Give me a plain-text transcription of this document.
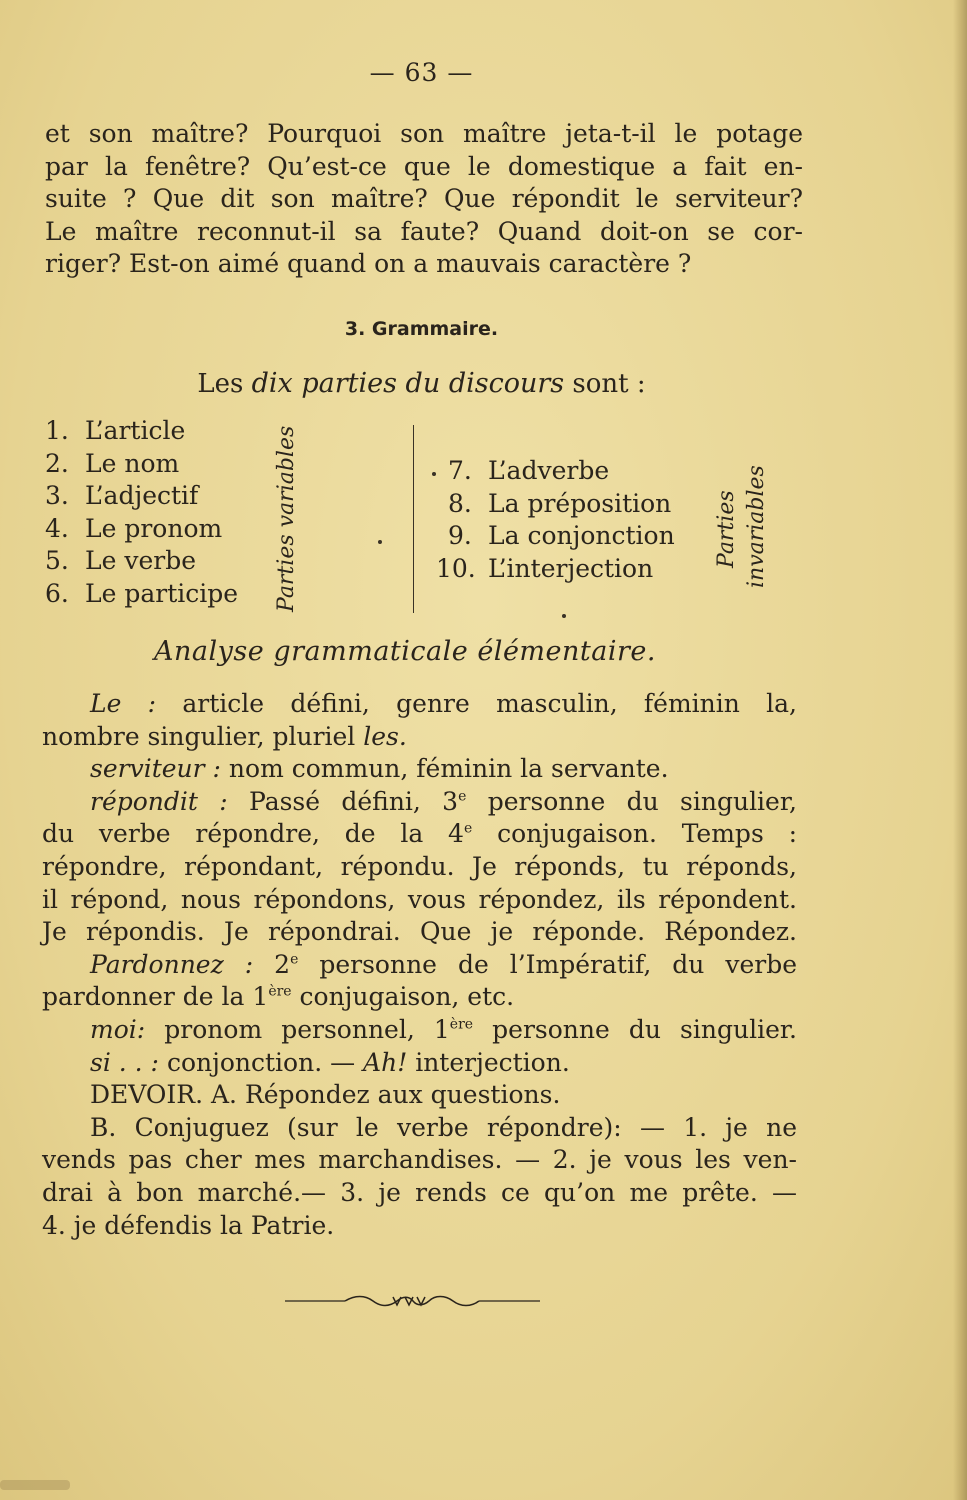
— 63 —
et son maître? Pourquoi son maître jeta-t-il le potage
par la fenêtre? Qu’est-ce que le domestique a fait en-
suite ? Que dit son maître? Que répondit le serviteur?
Le maître reconnut-il sa faute? Quand doit-on se cor-
riger? Est-on aimé quand on a mauvais caractère ?
3. Grammaire.
Les dix parties du discours sont :
1. L’article
2. Le nom
3. L’adjectif
4. Le pronom
5. Le verbe
6. Le participe Parties variables	7. L’adverbe
8. La préposition
9. La conjonction
10. L’interjection
Parties invariables
Analyse grammaticale élémentaire.
Le : article défini, genre masculin, féminin la,
nombre singulier, pluriel les.
serviteur : nom commun, féminin la servante.
répondit : Passé défini, 3e personne du singulier,
du verbe répondre, de la 4e conjugaison. Temps :
répondre, répondant, répondu. Je réponds, tu réponds,
il répond, nous répondons, vous répondez, ils répondent.
Je répondis. Je répondrai. Que je réponde. Répondez.
Pardonnez : 2e personne de l’Impératif, du verbe
pardonner de la 1ère conjugaison, etc.
moi: pronom personnel, 1ère personne du singulier.
si . . : conjonction. — Ah! interjection.
DEVOIR. A. Répondez aux questions.
B. Conjuguez (sur le verbe répondre): — 1. je ne
vends pas cher mes marchandises. — 2. je vous les ven-
drai à bon marché.— 3. je rends ce qu’on me prête. —
4. je défendis la Patrie.
